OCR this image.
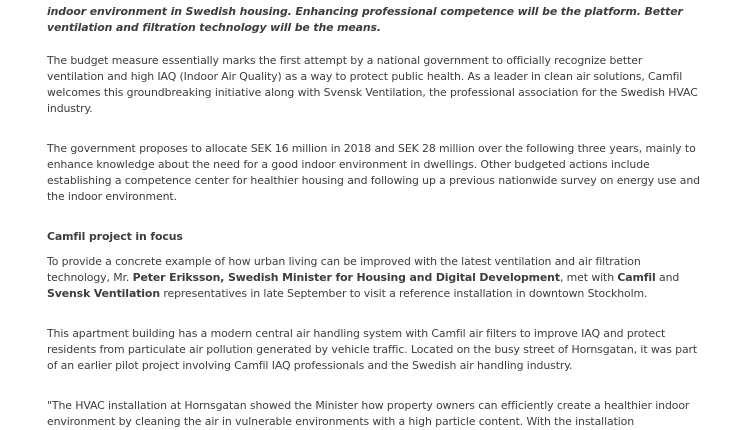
indoor environment in Swedish housing. Enhancing professional competence will be the platform. Better ventilation and filtration technology will be the means.

The budget measure essentially marks the first attempt by a national government to officially recognize better ventilation and high IAQ (Indoor Air Quality) as a way to protect public health. As a leader in clean air solutions, Camfil welcomes this groundbreaking initiative along with Svensk Ventilation, the professional association for the Swedish HVAC industry.

The government proposes to allocate SEK 16 million in 2018 and SEK 28 million over the following three years, mainly to enhance knowledge about the need for a good indoor environment in dwellings. Other budgeted actions include establishing a competence center for healthier housing and following up a previous nationwide survey on energy use and the indoor environment.

Camfil project in focus

To provide a concrete example of how urban living can be improved with the latest ventilation and air filtration technology, Mr. Peter Eriksson, Swedish Minister for Housing and Digital Development, met with Camfil and Svensk Ventilation representatives in late September to visit a reference installation in downtown Stockholm.

This apartment building has a modern central air handling system with Camfil air filters to improve IAQ and protect residents from particulate air pollution generated by vehicle traffic. Located on the busy street of Hornsgatan, it was part of an earlier pilot project involving Camfil IAQ professionals and the Swedish air handling industry.

"The HVAC installation at Hornsgatan showed the Minister how property owners can efficiently create a healthier indoor environment by cleaning the air in vulnerable environments with a high particle content. With the installation
